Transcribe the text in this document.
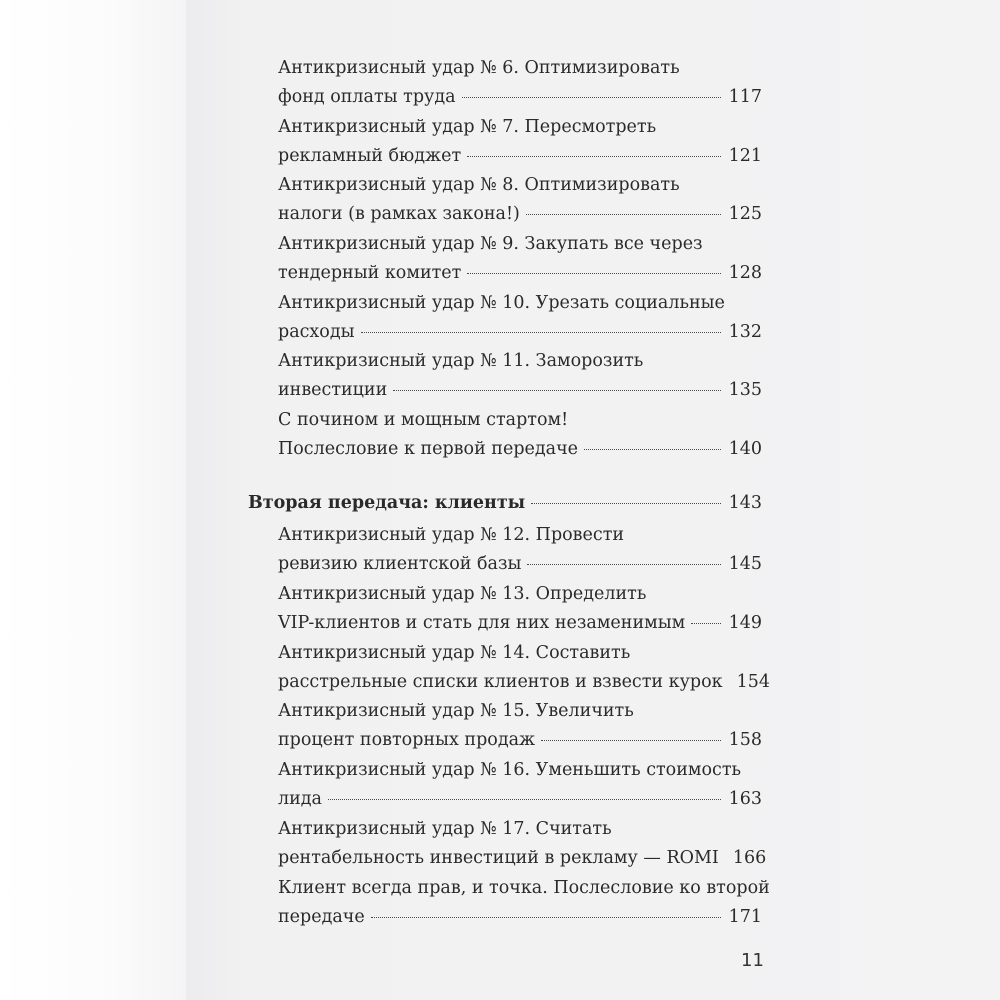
Антикризисный удар № 6. Оптимизировать
фонд оплаты труда	117
Антикризисный удар № 7. Пересмотреть
рекламный бюджет	121
Антикризисный удар № 8. Оптимизировать
налоги (в рамках закона!)	125
Антикризисный удар № 9. Закупать все через
тендерный комитет	128
Антикризисный удар № 10. Урезать социальные
расходы	132
Антикризисный удар № 11. Заморозить
инвестиции	135
С почином и мощным стартом!
Послесловие к первой передаче	140
Вторая передача: клиенты	143
Антикризисный удар № 12. Провести
ревизию клиентской базы	145
Антикризисный удар № 13. Определить
VIP-клиентов и стать для них незаменимым 149
Антикризисный удар № 14. Составить
расстрельные списки клиентов и взвести курок 154
Антикризисный удар № 15. Увеличить
процент повторных продаж	158
Антикризисный удар № 16. Уменьшить стоимость
лида	163
Антикризисный удар № 17. Считать
рентабельность инвестиций в рекламу — ROMI 166
Клиент всегда прав, и точка. Послесловие ко второй
передаче	171
11
